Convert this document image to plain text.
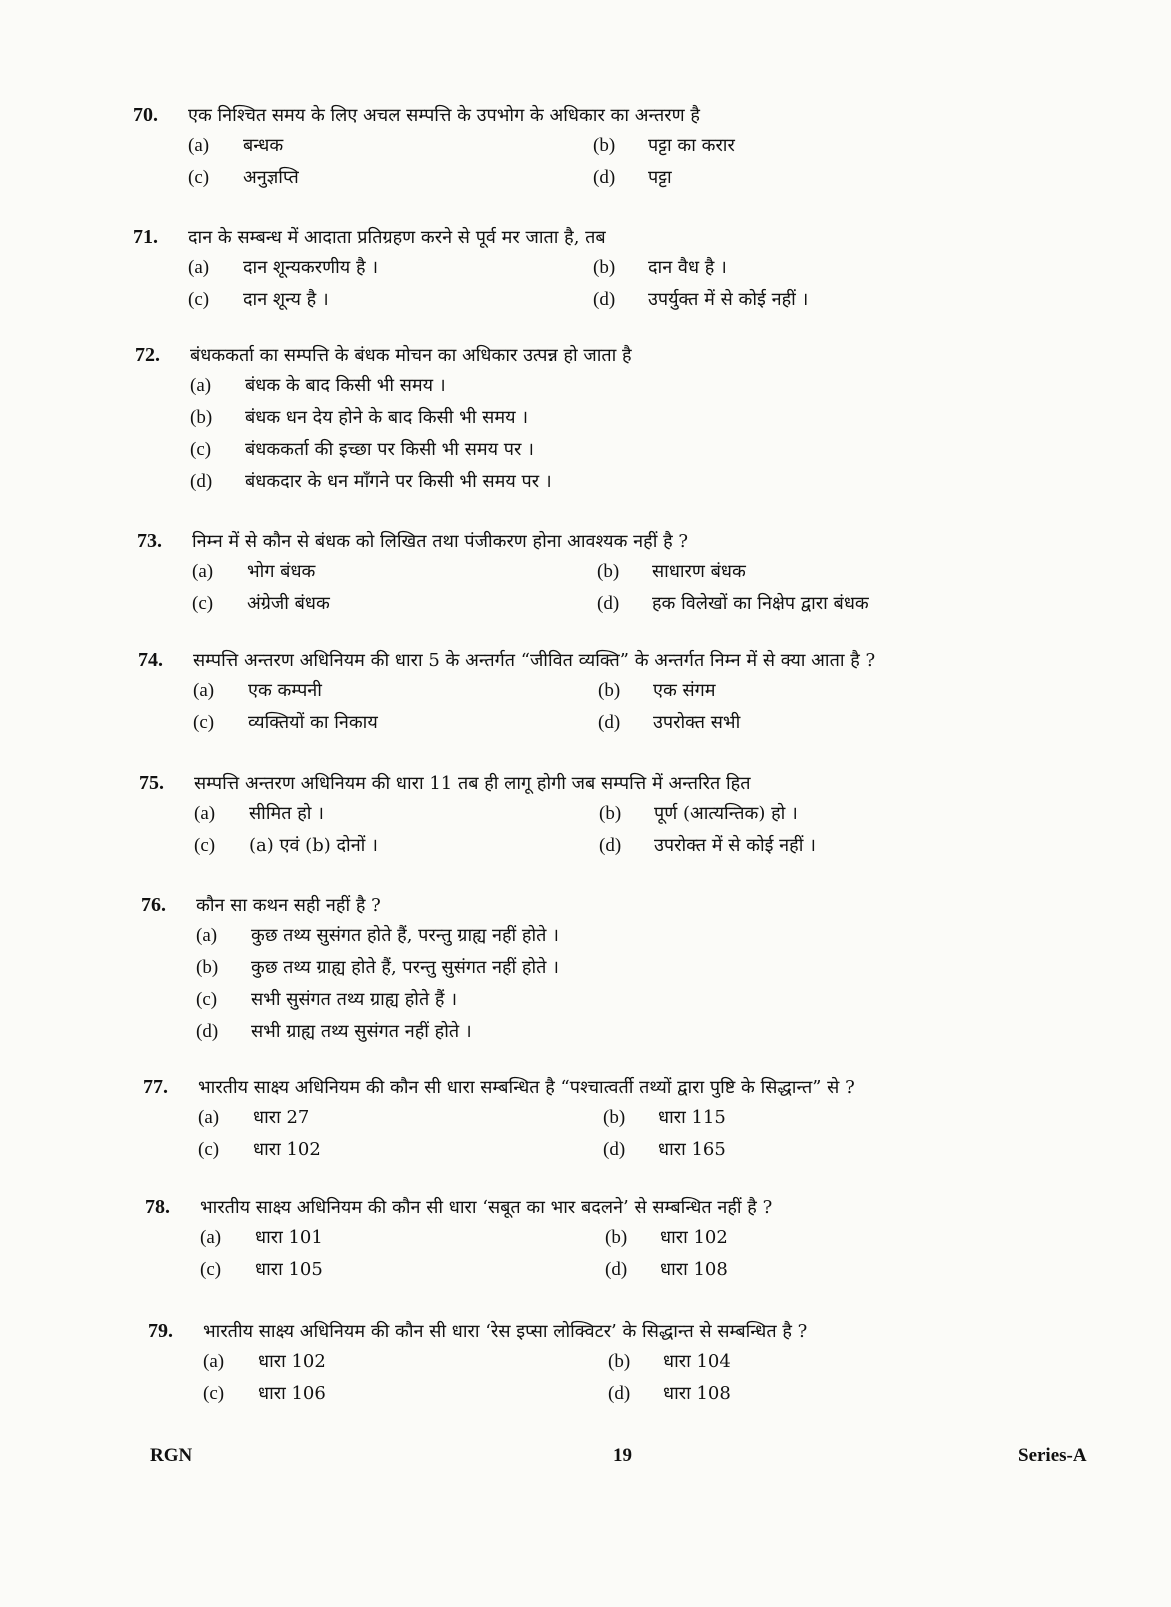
70.	एक निश्चित समय के लिए अचल सम्पत्ति के उपभोग के अधिकार का अन्तरण है
(a)	बन्धक	(b)	पट्टा का करार
(c)	अनुज्ञप्ति	(d)	पट्टा
71.	दान के सम्बन्ध में आदाता प्रतिग्रहण करने से पूर्व मर जाता है, तब
(a)	दान शून्यकरणीय है ।	(b)	दान वैध है ।
(c)	दान शून्य है ।	(d)	उपर्युक्त में से कोई नहीं ।
72.	बंधककर्ता का सम्पत्ति के बंधक मोचन का अधिकार उत्पन्न हो जाता है
(a)	बंधक के बाद किसी भी समय ।
(b)	बंधक धन देय होने के बाद किसी भी समय ।
(c)	बंधककर्ता की इच्छा पर किसी भी समय पर ।
(d)	बंधकदार के धन माँगने पर किसी भी समय पर ।
73.	निम्न में से कौन से बंधक को लिखित तथा पंजीकरण होना आवश्यक नहीं है ?
(a)	भोग बंधक	(b)	साधारण बंधक
(c)	अंग्रेजी बंधक	(d)	हक विलेखों का निक्षेप द्वारा बंधक
74.	सम्पत्ति अन्तरण अधिनियम की धारा 5 के अन्तर्गत “जीवित व्यक्ति” के अन्तर्गत निम्न में से क्या आता है ?
(a)	एक कम्पनी	(b)	एक संगम
(c)	व्यक्तियों का निकाय	(d)	उपरोक्त सभी
75.	सम्पत्ति अन्तरण अधिनियम की धारा 11 तब ही लागू होगी जब सम्पत्ति में अन्तरित हित
(a)	सीमित हो ।	(b)	पूर्ण (आत्यन्तिक) हो ।
(c)	(a) एवं (b) दोनों ।	(d)	उपरोक्त में से कोई नहीं ।
76.	कौन सा कथन सही नहीं है ?
(a)	कुछ तथ्य सुसंगत होते हैं, परन्तु ग्राह्य नहीं होते ।
(b)	कुछ तथ्य ग्राह्य होते हैं, परन्तु सुसंगत नहीं होते ।
(c)	सभी सुसंगत तथ्य ग्राह्य होते हैं ।
(d)	सभी ग्राह्य तथ्य सुसंगत नहीं होते ।
77.	भारतीय साक्ष्य अधिनियम की कौन सी धारा सम्बन्धित है “पश्चात्वर्ती तथ्यों द्वारा पुष्टि के सिद्धान्त” से ?
(a)	धारा 27	(b)	धारा 115
(c)	धारा 102	(d)	धारा 165
78.	भारतीय साक्ष्य अधिनियम की कौन सी धारा ‘सबूत का भार बदलने’ से सम्बन्धित नहीं है ?
(a)	धारा 101	(b)	धारा 102
(c)	धारा 105	(d)	धारा 108
79.	भारतीय साक्ष्य अधिनियम की कौन सी धारा ‘रेस इप्सा लोक्विटर’ के सिद्धान्त से सम्बन्धित है ?
(a)	धारा 102	(b)	धारा 104
(c)	धारा 106	(d)	धारा 108
RGN	19	Series-A
